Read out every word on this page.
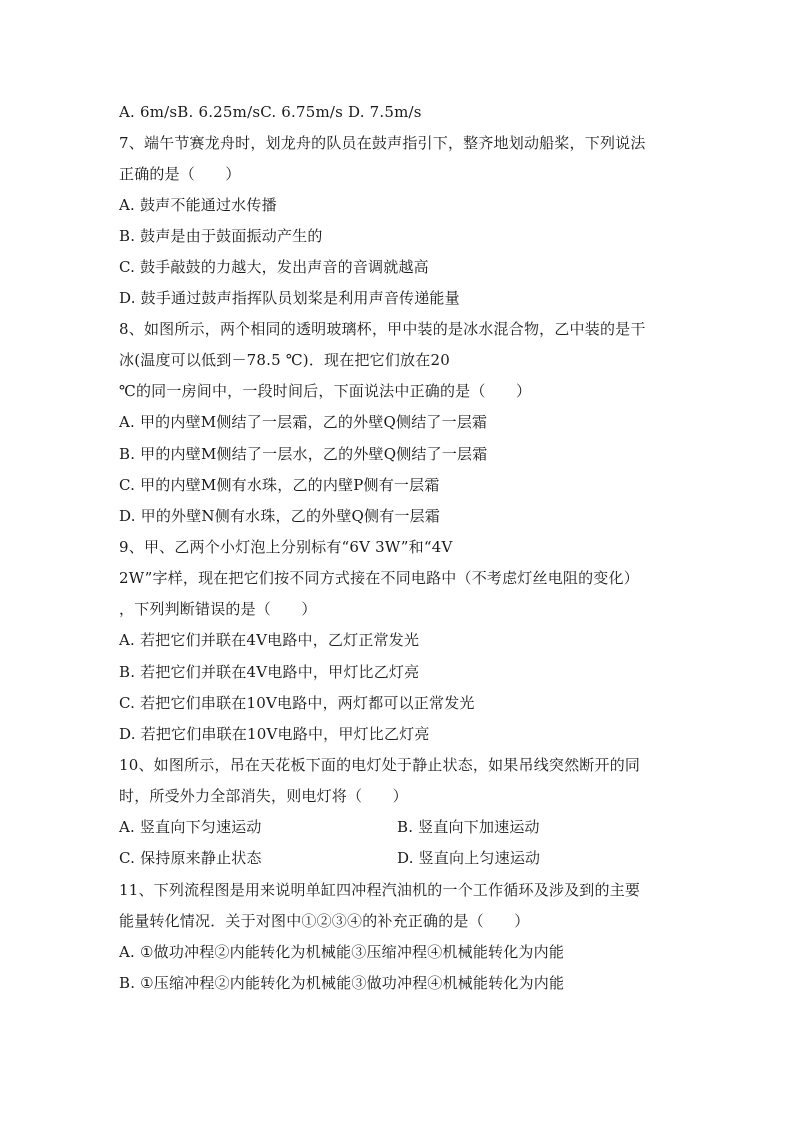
A. 6m/sB. 6.25m/sC. 6.75m/s D. 7.5m/s
7、端午节赛龙舟时，划龙舟的队员在鼓声指引下，整齐地划动船桨，下列说法
正确的是（　　）
A. 鼓声不能通过水传播
B. 鼓声是由于鼓面振动产生的
C. 鼓手敲鼓的力越大，发出声音的音调就越高
D. 鼓手通过鼓声指挥队员划桨是利用声音传递能量
8、如图所示，两个相同的透明玻璃杯，甲中装的是冰水混合物，乙中装的是干
冰(温度可以低到－78.5 ℃)．现在把它们放在20
℃的同一房间中，一段时间后，下面说法中正确的是（　　）
A. 甲的内壁M侧结了一层霜，乙的外壁Q侧结了一层霜
B. 甲的内壁M侧结了一层水，乙的外壁Q侧结了一层霜
C. 甲的内壁M侧有水珠，乙的内壁P侧有一层霜
D. 甲的外壁N侧有水珠，乙的外壁Q侧有一层霜
9、甲、乙两个小灯泡上分别标有“6V 3W”和“4V
2W”字样，现在把它们按不同方式接在不同电路中（不考虑灯丝电阻的变化）
，下列判断错误的是（　　）
A. 若把它们并联在4V电路中，乙灯正常发光
B. 若把它们并联在4V电路中，甲灯比乙灯亮
C. 若把它们串联在10V电路中，两灯都可以正常发光
D. 若把它们串联在10V电路中，甲灯比乙灯亮
10、如图所示，吊在天花板下面的电灯处于静止状态，如果吊线突然断开的同
时，所受外力全部消失，则电灯将（　　）
A. 竖直向下匀速运动	B. 竖直向下加速运动
C. 保持原来静止状态	D. 竖直向上匀速运动
11、下列流程图是用来说明单缸四冲程汽油机的一个工作循环及涉及到的主要
能量转化情况．关于对图中①②③④的补充正确的是（　　）
A. ①做功冲程②内能转化为机械能③压缩冲程④机械能转化为内能
B. ①压缩冲程②内能转化为机械能③做功冲程④机械能转化为内能
